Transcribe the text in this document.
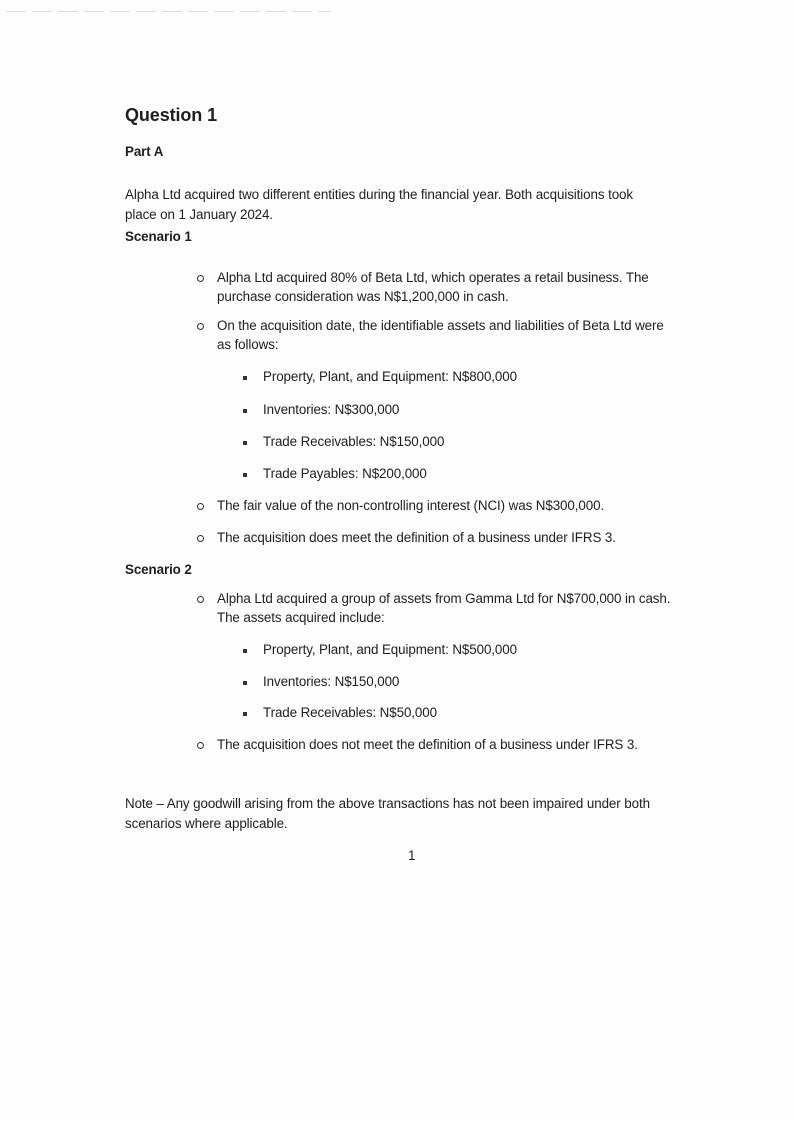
Question 1
Part A
Alpha Ltd acquired two different entities during the financial year. Both acquisitions took
place on 1 January 2024.
Scenario 1
Alpha Ltd acquired 80% of Beta Ltd, which operates a retail business. The
purchase consideration was N$1,200,000 in cash.
On the acquisition date, the identifiable assets and liabilities of Beta Ltd were
as follows:
Property, Plant, and Equipment: N$800,000
Inventories: N$300,000
Trade Receivables: N$150,000
Trade Payables: N$200,000
The fair value of the non-controlling interest (NCI) was N$300,000.
The acquisition does meet the definition of a business under IFRS 3.
Scenario 2
Alpha Ltd acquired a group of assets from Gamma Ltd for N$700,000 in cash.
The assets acquired include:
Property, Plant, and Equipment: N$500,000
Inventories: N$150,000
Trade Receivables: N$50,000
The acquisition does not meet the definition of a business under IFRS 3.
Note – Any goodwill arising from the above transactions has not been impaired under both
scenarios where applicable.
1
